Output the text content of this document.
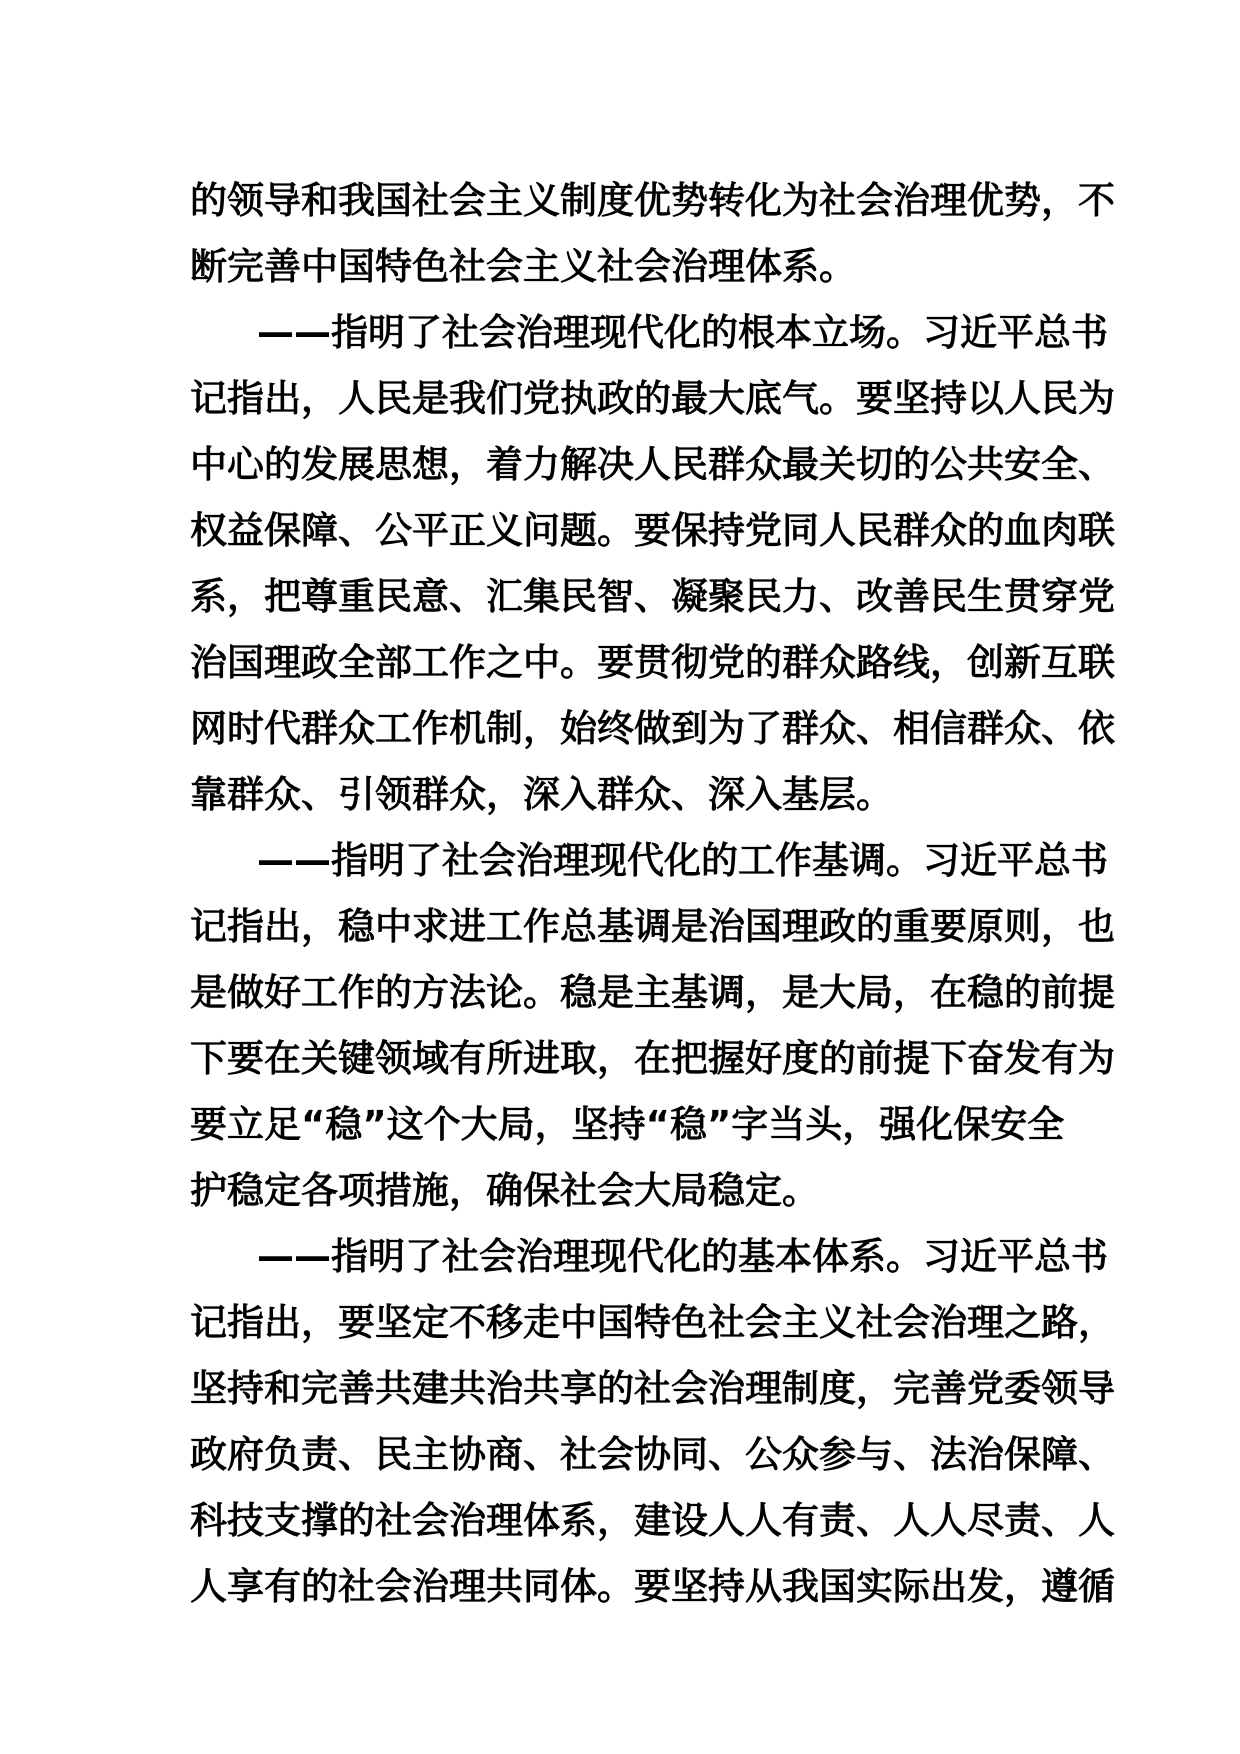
的领导和我国社会主义制度优势转化为社会治理优势，不
断完善中国特色社会主义社会治理体系。
——指明了社会治理现代化的根本立场。习近平总书
记指出，人民是我们党执政的最大底气。要坚持以人民为
中心的发展思想，着力解决人民群众最关切的公共安全、
权益保障、公平正义问题。要保持党同人民群众的血肉联
系，把尊重民意、汇集民智、凝聚民力、改善民生贯穿党
治国理政全部工作之中。要贯彻党的群众路线，创新互联
网时代群众工作机制，始终做到为了群众、相信群众、依
靠群众、引领群众，深入群众、深入基层。
——指明了社会治理现代化的工作基调。习近平总书
记指出，稳中求进工作总基调是治国理政的重要原则，也
是做好工作的方法论。稳是主基调，是大局，在稳的前提
下要在关键领域有所进取，在把握好度的前提下奋发有为
要立足“稳”这个大局，坚持“稳”字当头，强化保安全
护稳定各项措施，确保社会大局稳定。
——指明了社会治理现代化的基本体系。习近平总书
记指出，要坚定不移走中国特色社会主义社会治理之路，
坚持和完善共建共治共享的社会治理制度，完善党委领导
政府负责、民主协商、社会协同、公众参与、法治保障、
科技支撑的社会治理体系，建设人人有责、人人尽责、人
人享有的社会治理共同体。要坚持从我国实际出发，遵循
